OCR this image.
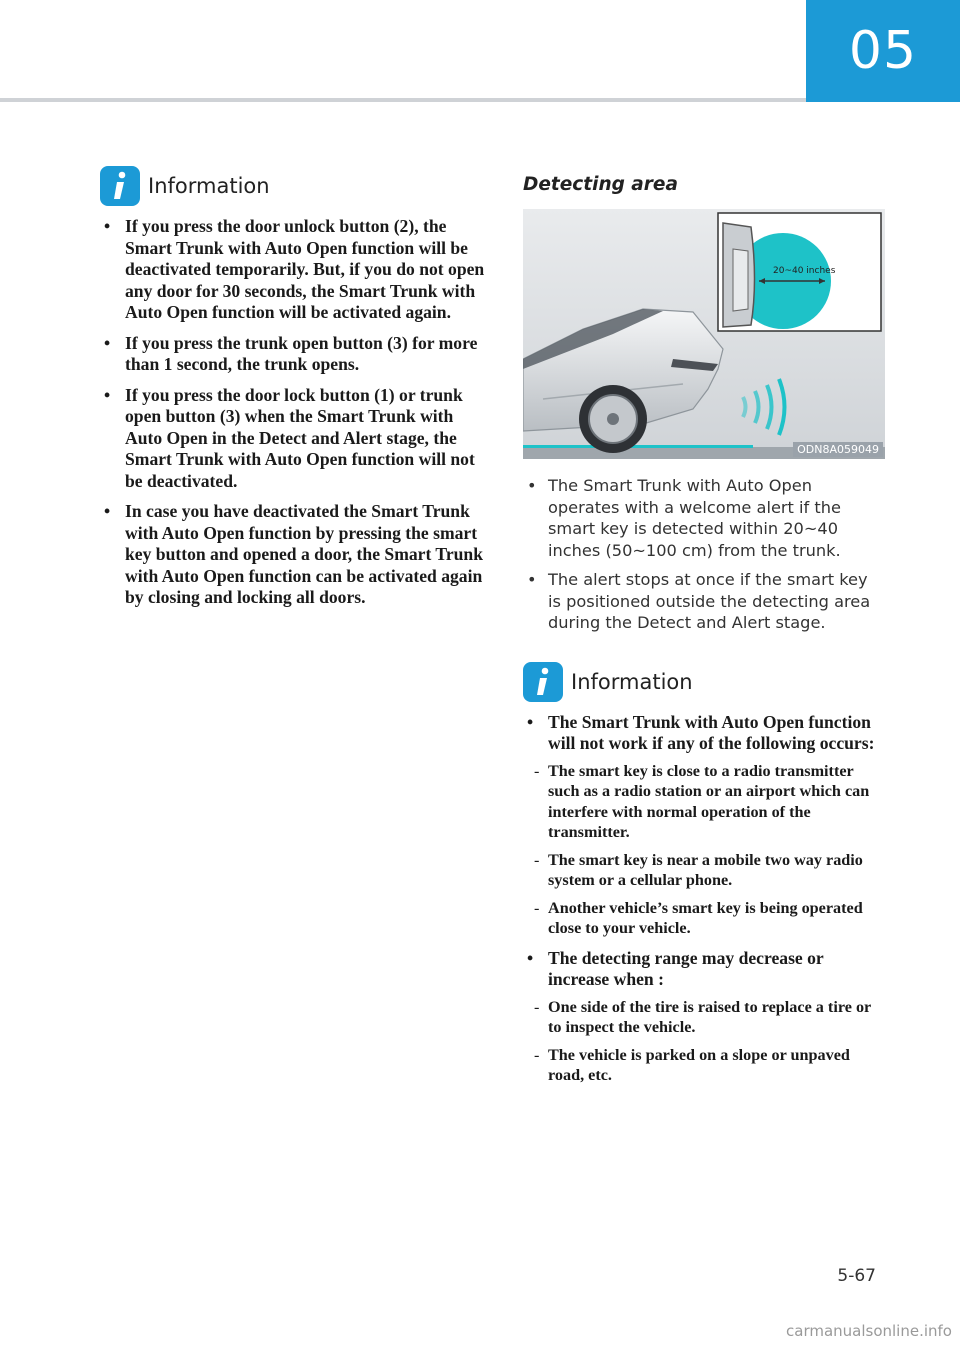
05
Information
• If you press the door unlock button (2), the Smart Trunk with Auto Open function will be deactivated temporarily. But, if you do not open any door for 30 seconds, the Smart Trunk with Auto Open function will be activated again.
• If you press the trunk open button (3) for more than 1 second, the trunk opens.
• If you press the door lock button (1) or trunk open button (3) when the Smart Trunk with Auto Open in the Detect and Alert stage, the Smart Trunk with Auto Open function will not be deactivated.
• In case you have deactivated the Smart Trunk with Auto Open function by pressing the smart key button and opened a door, the Smart Trunk with Auto Open function can be activated again by closing and locking all doors.
Detecting area
20~40 inches
ODN8A059049
• The Smart Trunk with Auto Open operates with a welcome alert if the smart key is detected within 20~40 inches (50~100 cm) from the trunk.
• The alert stops at once if the smart key is positioned outside the detecting area during the Detect and Alert stage.
Information
• The Smart Trunk with Auto Open function will not work if any of the following occurs:
- The smart key is close to a radio transmitter such as a radio station or an airport which can interfere with normal operation of the transmitter.
- The smart key is near a mobile two way radio system or a cellular phone.
- Another vehicle’s smart key is being operated close to your vehicle.
• The detecting range may decrease or increase when :
- One side of the tire is raised to replace a tire or to inspect the vehicle.
- The vehicle is parked on a slope or unpaved road, etc.
5-67
carmanualsonline.info
